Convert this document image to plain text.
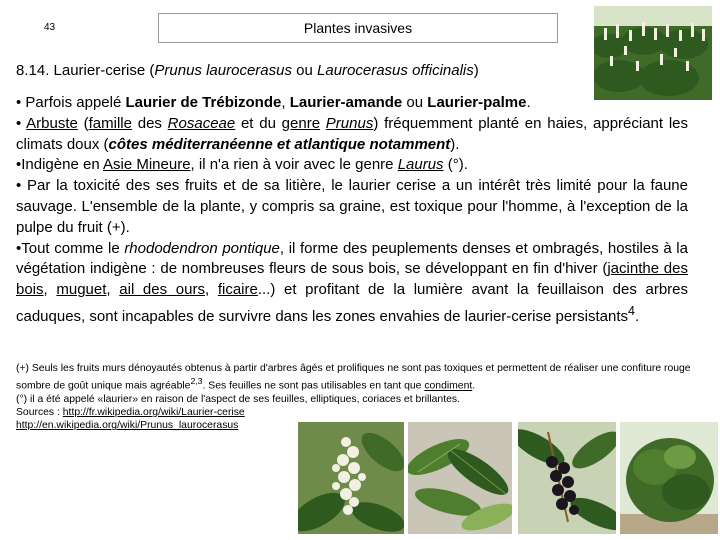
43	Plantes invasives
8.14. Laurier-cerise (Prunus laurocerasus ou Laurocerasus officinalis)

• Parfois appelé Laurier de Trébizonde, Laurier-amande ou Laurier-palme.

• Arbuste (famille des Rosaceae et du genre Prunus) fréquemment planté en haies, appréciant les climats doux (côtes méditerranéenne et atlantique notamment).

•Indigène en Asie Mineure, il n'a rien à voir avec le genre Laurus (°).

• Par la toxicité des ses fruits et de sa litière, le laurier cerise a un intérêt très limité pour la faune sauvage. L'ensemble de la plante, y compris sa graine, est toxique pour l'homme, à l'exception de la pulpe du fruit (+).

•Tout comme le rhododendron pontique, il forme des peuplements denses et ombragés, hostiles à la végétation indigène : de nombreuses fleurs de sous bois, se développant en fin d'hiver (jacinthe des bois, muguet, ail des ours, ficaire...) et profitant de la lumière avant la feuillaison des arbres caduques, sont incapables de survivre dans les zones envahies de laurier-cerise persistants$^4$.

(+) Seuls les fruits murs dénoyautés obtenus à partir d'arbres âgés et prolifiques ne sont pas toxiques et permettent de réaliser une confiture rouge sombre de goût unique mais agréable$^{2,3}$. Ses feuilles ne sont pas utilisables en tant que condiment.

(°) il a été appelé «laurier» en raison de l'aspect de ses feuilles, elliptiques, coriaces et brillantes.

Sources : http://fr.wikipedia.org/wiki/Laurier-cerise

http://en.wikipedia.org/wiki/Prunus_laurocerasus
